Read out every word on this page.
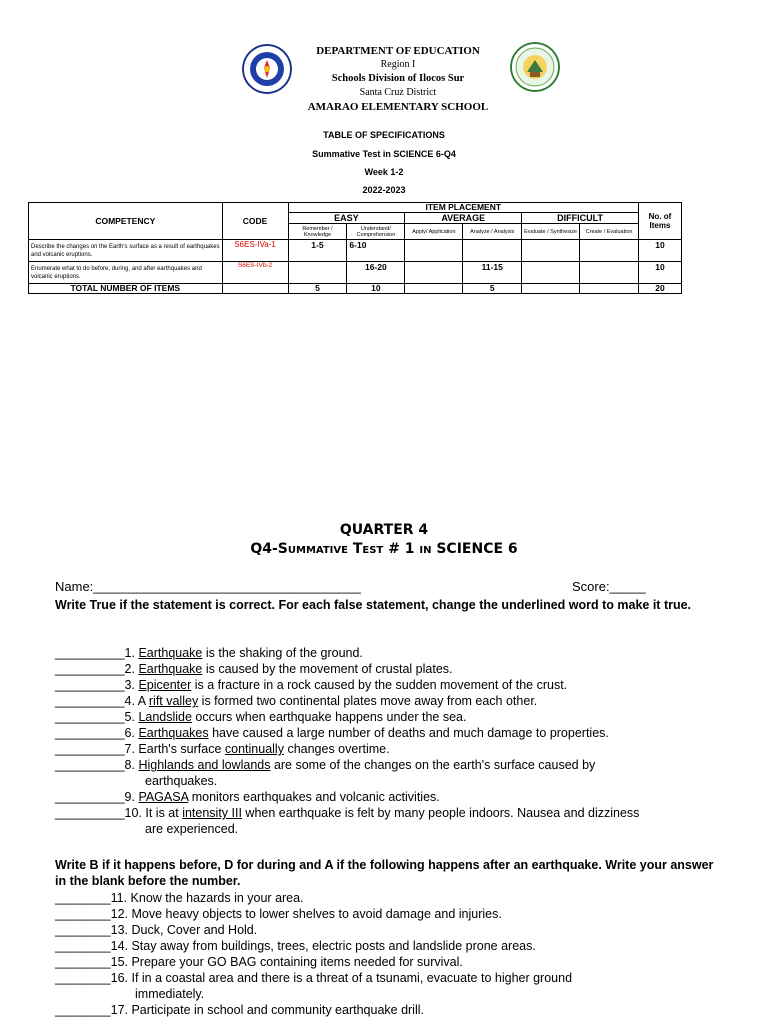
DEPARTMENT OF EDUCATION
Region I
Schools Division of Ilocos Sur
Santa Cruz District
AMARAO ELEMENTARY SCHOOL
TABLE OF SPECIFICATIONS
Summative Test in SCIENCE 6-Q4
Week 1-2
2022-2023
COMPETENCY	CODE	ITEM PLACEMENT						No. of Items
		EASY		AVERAGE		DIFFICULT		
		Remember / Knowledge	Understand/ Comprehension	Apply/ Application	Analyze / Analysis	Evaluate / Synthesize	Create / Evaluation	
Describe the changes on the Earth's surface as a result of earthquakes and volcanic eruptions.	S6ES-IVa-1	1-5	6-10					10
Enumerate what to do before, during, and after earthquakes and volcanic eruptions.	S6ES-IVb-2		16-20		11-15			10
TOTAL NUMBER OF ITEMS		5	10		5			20
QUARTER 4
Q4-Summative Test # 1 in SCIENCE 6
Name:_____________________________________	Score:_____
Write True if the statement is correct. For each false statement, change the underlined word to make it true.
__________1. Earthquake is the shaking of the ground.
__________2. Earthquake is caused by the movement of crustal plates.
__________3. Epicenter is a fracture in a rock caused by the sudden movement of the crust.
__________4. A rift valley is formed two continental plates move away from each other.
__________5. Landslide occurs when earthquake happens under the sea.
__________6. Earthquakes have caused a large number of deaths and much damage to properties.
__________7. Earth's surface continually changes overtime.
__________8. Highlands and lowlands are some of the changes on the earth's surface caused by
earthquakes.
__________9. PAGASA monitors earthquakes and volcanic activities.
__________10. It is at intensity III when earthquake is felt by many people indoors. Nausea and dizziness
are experienced.
Write B if it happens before, D for during and A if the following happens after an earthquake. Write your answer in the blank before the number.
________11. Know the hazards in your area.
________12. Move heavy objects to lower shelves to avoid damage and injuries.
________13. Duck, Cover and Hold.
________14. Stay away from buildings, trees, electric posts and landslide prone areas.
________15. Prepare your GO BAG containing items needed for survival.
________16. If in a coastal area and there is a threat of a tsunami, evacuate to higher ground
immediately.
________17. Participate in school and community earthquake drill.
